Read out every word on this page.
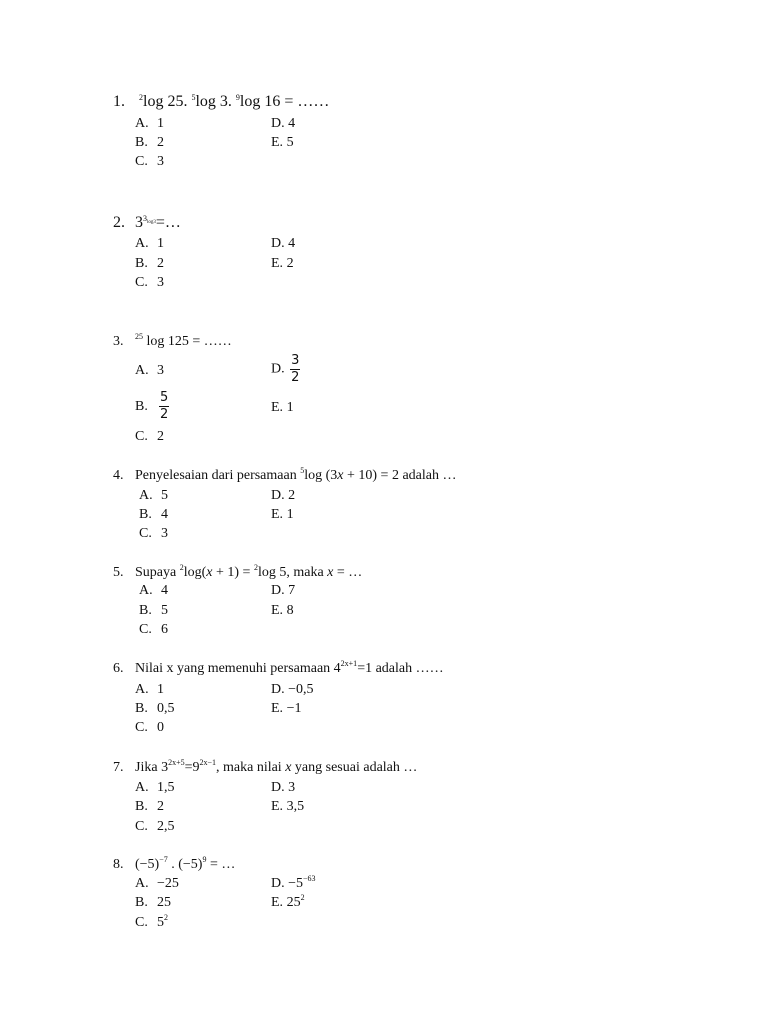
1. $^2$log 25. $^5$log 3. $^9$log 16 = ……
A. 1	D. 4
B. 2	E. 5
C. 3
2. $3^{3log3}=\dots$
A. 1	D. 4
B. 2	E. 2
C. 3
3. $^{25}$ log 125 = ……
A. 3	D. $\frac{3}{2}$
B. $\frac{5}{2}$	E. 1
C. 2
4. Penyelesaian dari persamaan $^5$log (3x + 10) = 2 adalah …
A. 5	D. 2
B. 4	E. 1
C. 3
5. Supaya $^2$log(x + 1) = $^2$log 5, maka x = …
A. 4	D. 7
B. 5	E. 8
C. 6
6. Nilai x yang memenuhi persamaan $4^{2x+1}=1$ adalah ……
A. 1	D. −0,5
B. 0,5	E. −1
C. 0
7. Jika $3^{2x+5}=9^{2x-1}$, maka nilai x yang sesuai adalah …
A. 1,5	D. 3
B. 2	E. 3,5
C. 2,5
8. $(-5)^{-7}$ . $(-5)^9$ = …
A. −25	D. $-5^{-63}$
B. 25	E. $25^2$
C. $5^2$
